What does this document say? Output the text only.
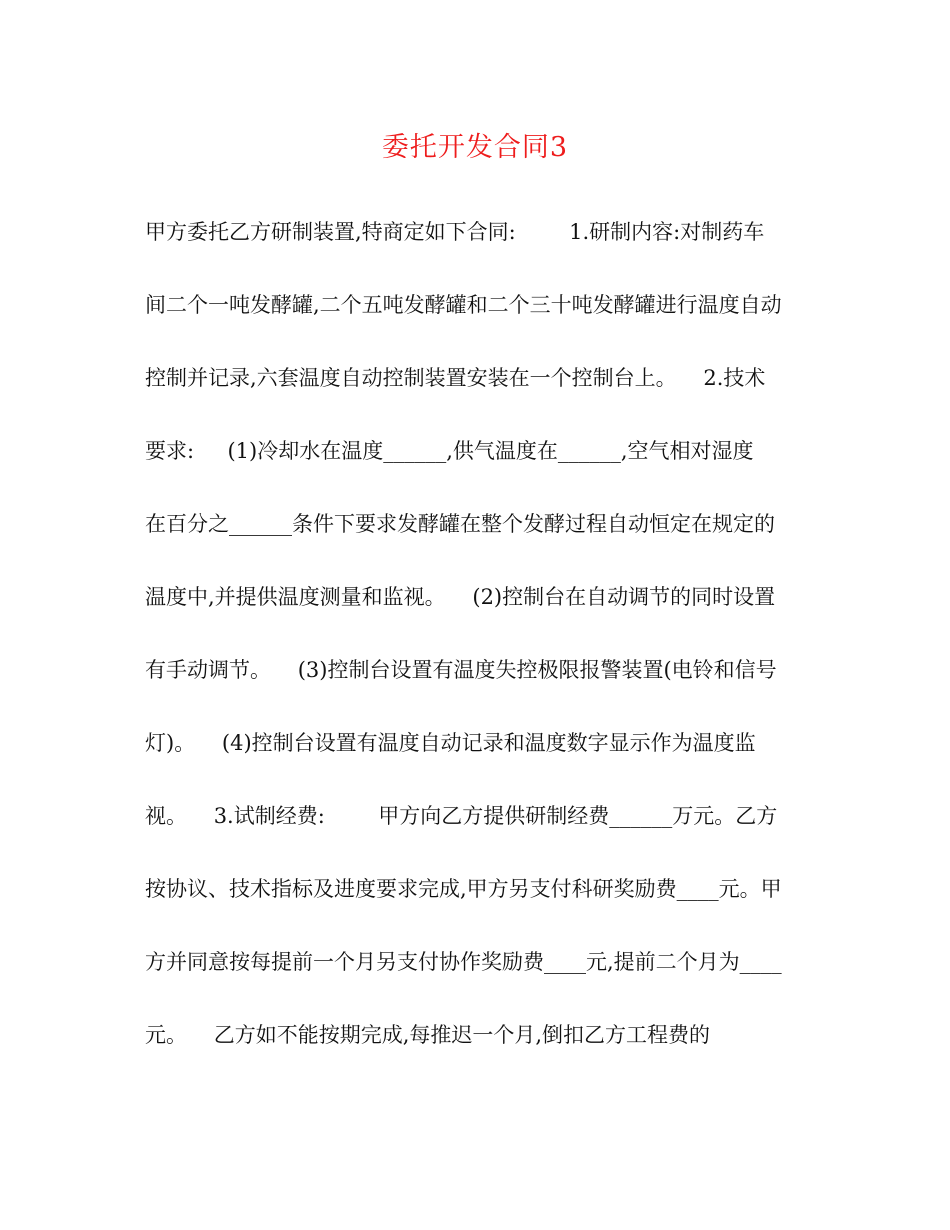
委托开发合同3
甲方委托乙方研制装置,特商定如下合同:        1.研制内容:对制药车
间二个一吨发酵罐,二个五吨发酵罐和二个三十吨发酵罐进行温度自动
控制并记录,六套温度自动控制装置安装在一个控制台上。    2.技术
要求:     (1)冷却水在温度______,供气温度在______,空气相对湿度
在百分之______条件下要求发酵罐在整个发酵过程自动恒定在规定的
温度中,并提供温度测量和监视。    (2)控制台在自动调节的同时设置
有手动调节。    (3)控制台设置有温度失控极限报警装置(电铃和信号
灯)。    (4)控制台设置有温度自动记录和温度数字显示作为温度监
视。    3.试制经费:        甲方向乙方提供研制经费______万元。乙方
按协议、技术指标及进度要求完成,甲方另支付科研奖励费____元。甲
方并同意按每提前一个月另支付协作奖励费____元,提前二个月为____
元。    乙方如不能按期完成,每推迟一个月,倒扣乙方工程费的
